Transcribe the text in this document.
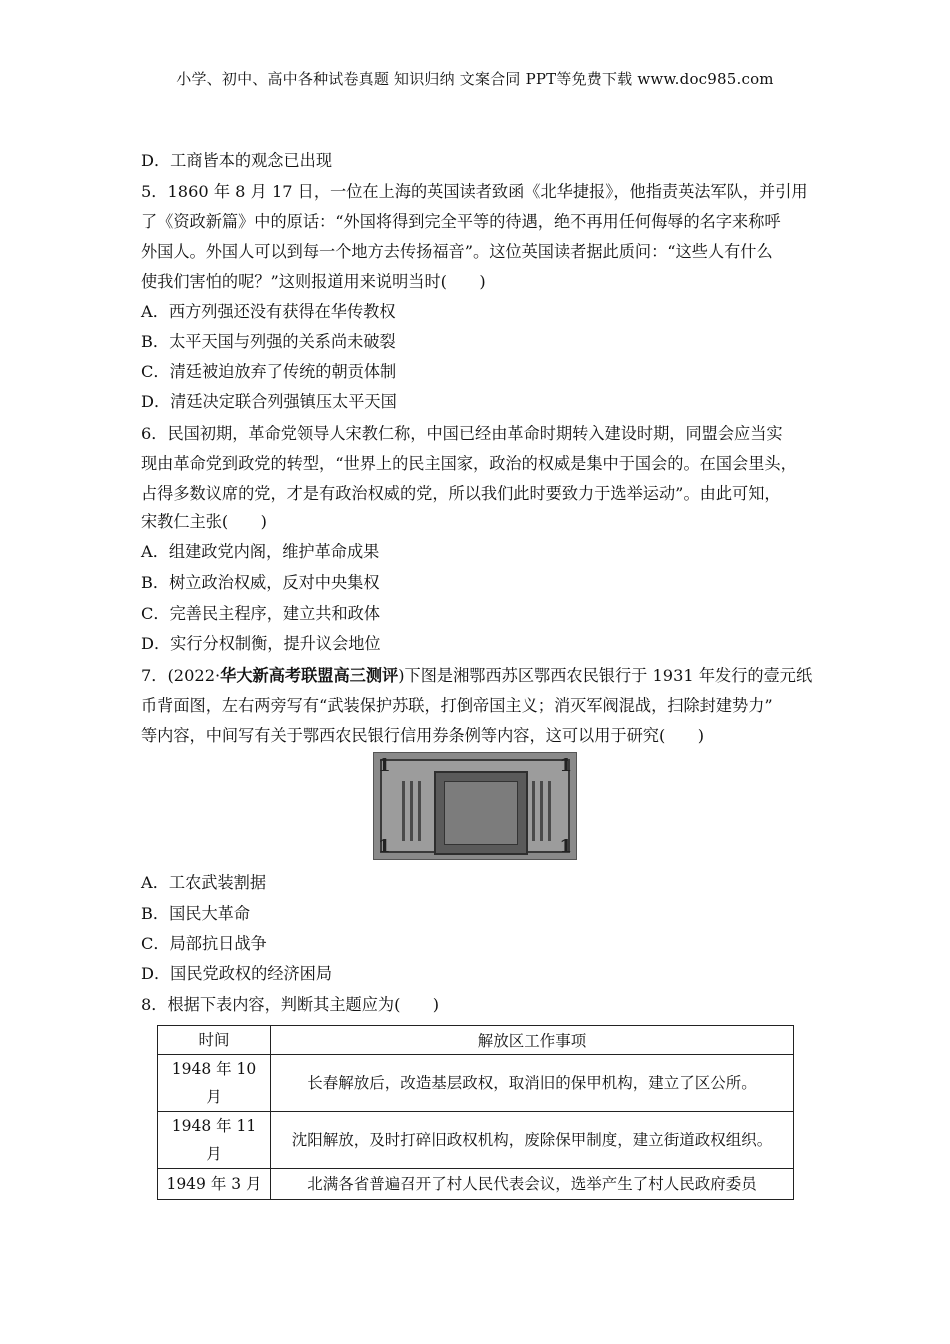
小学、初中、高中各种试卷真题 知识归纳 文案合同 PPT等免费下载 www.doc985.com
D．工商皆本的观念已出现
5．1860 年 8 月 17 日，一位在上海的英国读者致函《北华捷报》，他指责英法军队，并引用
了《资政新篇》中的原话：“外国将得到完全平等的待遇，绝不再用任何侮辱的名字来称呼
外国人。外国人可以到每一个地方去传扬福音”。这位英国读者据此质问：“这些人有什么
使我们害怕的呢？”这则报道用来说明当时(　　)
A．西方列强还没有获得在华传教权
B．太平天国与列强的关系尚未破裂
C．清廷被迫放弃了传统的朝贡体制
D．清廷决定联合列强镇压太平天国
6．民国初期，革命党领导人宋教仁称，中国已经由革命时期转入建设时期，同盟会应当实
现由革命党到政党的转型，“世界上的民主国家，政治的权威是集中于国会的。在国会里头，
占得多数议席的党，才是有政治权威的党，所以我们此时要致力于选举运动”。由此可知，
宋教仁主张(　　)
A．组建政党内阁，维护革命成果
B．树立政治权威，反对中央集权
C．完善民主程序，建立共和政体
D．实行分权制衡，提升议会地位
7．(2022·华大新高考联盟高三测评)下图是湘鄂西苏区鄂西农民银行于 1931 年发行的壹元纸
币背面图，左右两旁写有“武装保护苏联，打倒帝国主义；消灭军阀混战，扫除封建势力”
等内容，中间写有关于鄂西农民银行信用券条例等内容，这可以用于研究(　　)
1	1
1	1
A．工农武装割据
B．国民大革命
C．局部抗日战争
D．国民党政权的经济困局
8．根据下表内容，判断其主题应为(　　)
时间	解放区工作事项
1948 年 10 月	长春解放后，改造基层政权，取消旧的保甲机构，建立了区公所。
1948 年 11 月	沈阳解放，及时打碎旧政权机构，废除保甲制度，建立街道政权组织。
1949 年 3 月	北满各省普遍召开了村人民代表会议，选举产生了村人民政府委员
